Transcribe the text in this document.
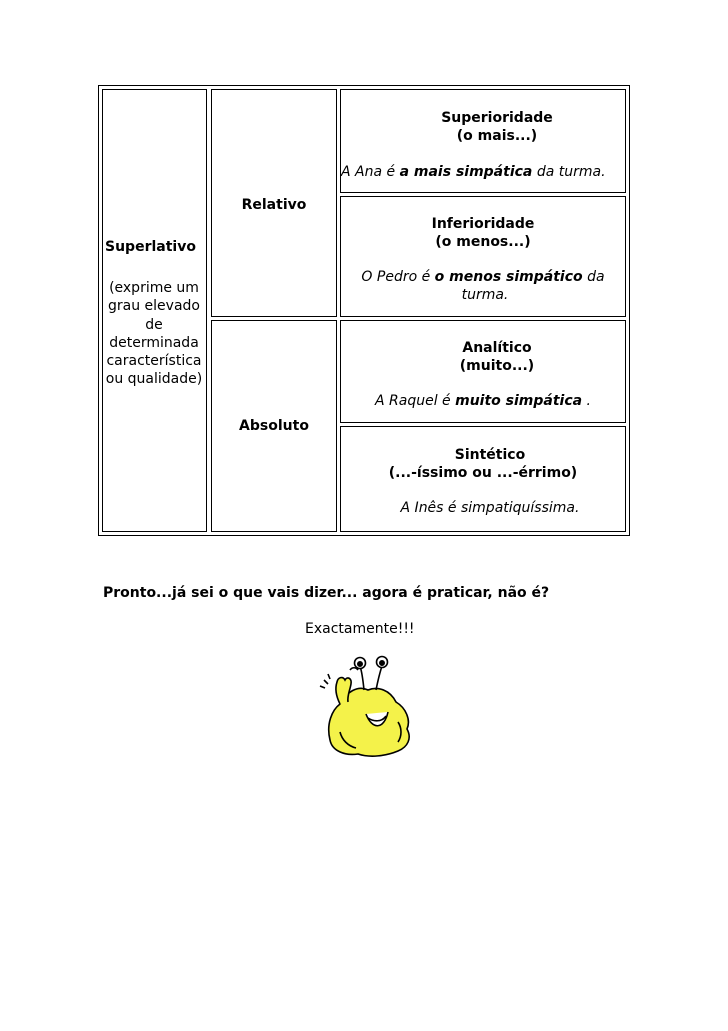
Superlativo
(exprime um
grau elevado
de
determinada
característica
ou qualidade)
Relativo
Absoluto
Superioridade
(o mais...)
A Ana é a mais simpática da turma.
Inferioridade
(o menos...)
O Pedro é o menos simpático da
turma.
Analítico
(muito...)
A Raquel é muito simpática .
Sintético
(...-íssimo ou ...-érrimo)
A Inês é simpatiquíssima.
Pronto...já sei o que vais dizer... agora é praticar, não é?
Exactamente!!!
